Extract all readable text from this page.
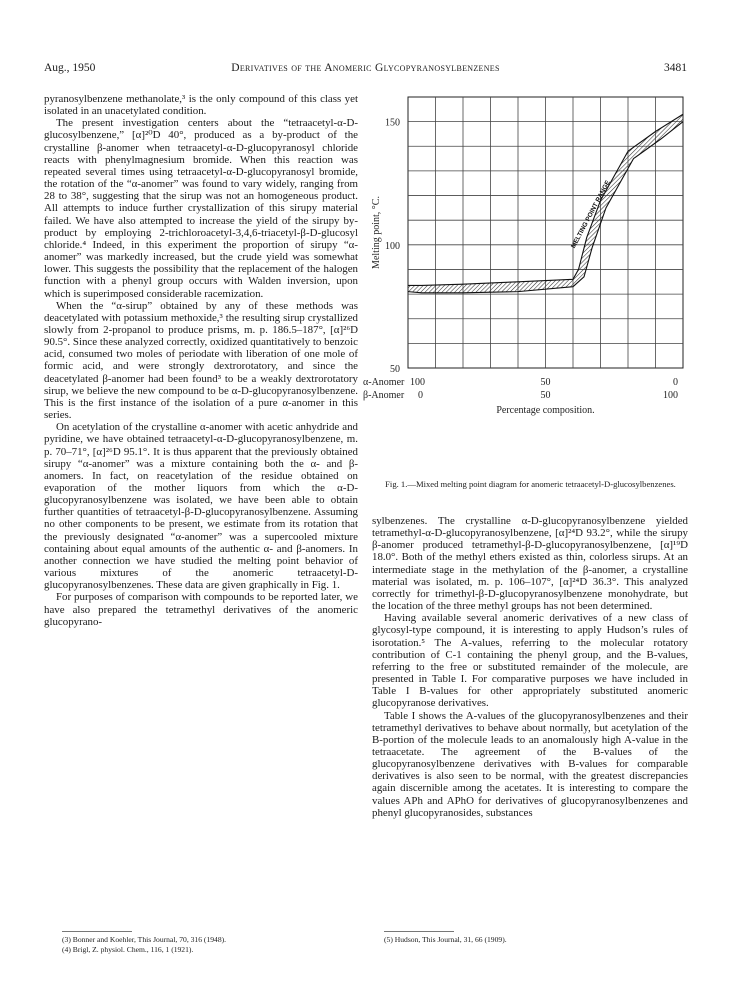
Aug., 1950	Derivatives of the Anomeric Glycopyranosylbenzenes	3481

pyranosylbenzene methanolate,³ is the only compound of this class yet isolated in an unacetylated condition.

The present investigation centers about the “tetraacetyl-α-D-glucosylbenzene,” [α]²⁰D 40°, produced as a by-product of the crystalline β-anomer when tetraacetyl-α-D-glucopyranosyl chloride reacts with phenylmagnesium bromide. When this reaction was repeated several times using tetraacetyl-α-D-glucopyranosyl bromide, the rotation of the “α-anomer” was found to vary widely, ranging from 28 to 38°, suggesting that the sirup was not an homogeneous product. All attempts to induce further crystallization of this sirupy material failed. We have also attempted to increase the yield of the sirupy by-product by employing 2-trichloroacetyl-3,4,6-triacetyl-β-D-glucosyl chloride.⁴ Indeed, in this experiment the proportion of sirupy “α-anomer” was markedly increased, but the crude yield was somewhat lower. This suggests the possibility that the replacement of the halogen function with a phenyl group occurs with Walden inversion, upon which is superimposed considerable racemization.

When the “α-sirup” obtained by any of these methods was deacetylated with potassium methoxide,³ the resulting sirup crystallized slowly from 2-propanol to produce prisms, m. p. 186.5–187°, [α]²⁶D 90.5°. Since these analyzed correctly, oxidized quantitatively to benzoic acid, consumed two moles of periodate with liberation of one mole of formic acid, and were strongly dextrorotatory, and since the deacetylated β-anomer had been found³ to be a weakly dextrorotatory sirup, we believe the new compound to be α-D-glucopyranosylbenzene. This is the first instance of the isolation of a pure α-anomer in this series.

On acetylation of the crystalline α-anomer with acetic anhydride and pyridine, we have obtained tetraacetyl-α-D-glucopyranosylbenzene, m. p. 70–71°, [α]²⁶D 95.1°. It is thus apparent that the previously obtained sirupy “α-anomer” was a mixture containing both the α- and β-anomers. In fact, on reacetylation of the residue obtained on evaporation of the mother liquors from which the α-D-glucopyranosylbenzene was isolated, we have been able to obtain further quantities of tetraacetyl-β-D-glucopyranosylbenzene. Assuming no other components to be present, we estimate from its rotation that the previously designated “α-anomer” was a supercooled mixture containing about equal amounts of the authentic α- and β-anomers. In another connection we have studied the melting point behavior of various mixtures of the anomeric tetraacetyl-D-glucopyranosylbenzenes. These data are given graphically in Fig. 1.

For purposes of comparison with compounds to be reported later, we have also prepared the tetramethyl derivatives of the anomeric glucopyrano-

(3) Bonner and Koehler, This Journal, 70, 316 (1948).
(4) Brigl, Z. physiol. Chem., 116, 1 (1921).
50
100
150
Melting point, °C.	MELTING POINT RANGE
α-Anomer
β-Anomer
100	50	0
0	50	100
Percentage composition.
Fig. 1.—Mixed melting point diagram for anomeric tetraacetyl-D-glucosylbenzenes.

sylbenzenes. The crystalline α-D-glucopyranosylbenzene yielded tetramethyl-α-D-glucopyranosylbenzene, [α]²⁴D 93.2°, while the sirupy β-anomer produced tetramethyl-β-D-glucopyranosylbenzene, [α]¹⁹D 18.0°. Both of the methyl ethers existed as thin, colorless sirups. At an intermediate stage in the methylation of the β-anomer, a crystalline material was isolated, m. p. 106–107°, [α]²⁴D 36.3°. This analyzed correctly for trimethyl-β-D-glucopyranosylbenzene monohydrate, but the location of the three methyl groups has not been determined.

Having available several anomeric derivatives of a new class of glycosyl-type compound, it is interesting to apply Hudson’s rules of isorotation.⁵ The A-values, referring to the molecular rotatory contribution of C-1 containing the phenyl group, and the B-values, referring to the free or substituted remainder of the molecule, are presented in Table I. For comparative purposes we have included in Table I B-values for other appropriately substituted anomeric glucopyranose derivatives.

Table I shows the A-values of the glucopyranosylbenzenes and their tetramethyl derivatives to behave about normally, but acetylation of the B-portion of the molecule leads to an anomalously high A-value in the tetraacetate. The agreement of the B-values of the glucopyranosylbenzene derivatives with B-values for comparable derivatives is also seen to be normal, with the greatest discrepancies again discernible among the acetates. It is interesting to compare the values APh and APhO for derivatives of glucopyranosylbenzenes and phenyl glucopyranosides, substances

(5) Hudson, This Journal, 31, 66 (1909).
